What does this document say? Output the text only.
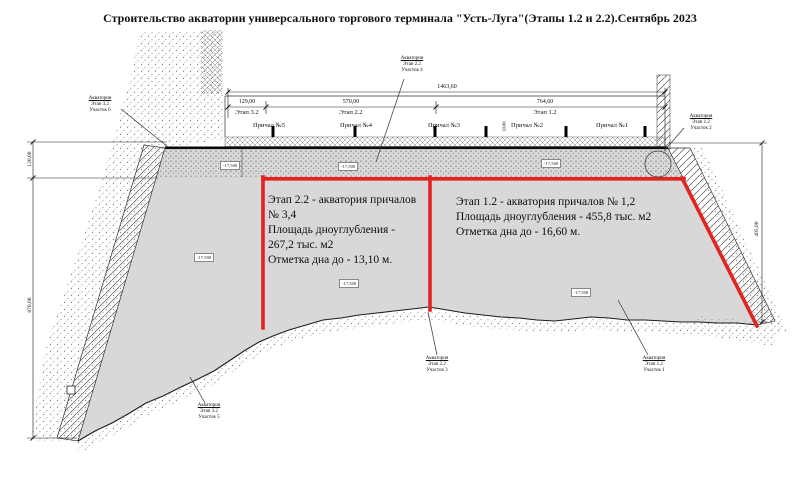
Строительство акватории универсального торгового терминала "Усть-Луга"(Этапы 1.2 и 2.2).Сентябрь 2023
1463,60
129,00	570,00	764,60
Этап 3.2	Этап 2.2	Этап 1.2
Причал №5	Причал №4	Причал №3	Причал №2	Причал №1
120,00
870,00
405,00
10,00
-17,500	-17,500
-17,500
-17,500
-17,500
-17,500
Этап 2.2 - акватория причалов
№ 3,4
Площадь дноуглубления -
267,2 тыс. м2
Отметка дна до - 13,10 м.
Этап 1.2 - акватория причалов № 1,2
Площадь дноуглубления - 455,8 тыс. м2
Отметка дна до - 16,60 м.
Акватория
Этап 3.2
Участок 6
Акватория
Этап 2.2
Участок 4
Акватория
Этап 1.2
Участок 2
Акватория
Этап 2.2
Участок 3
Акватория
Этап 1.2
Участок 1
Акватория
Этап 3.2
Участок 5
